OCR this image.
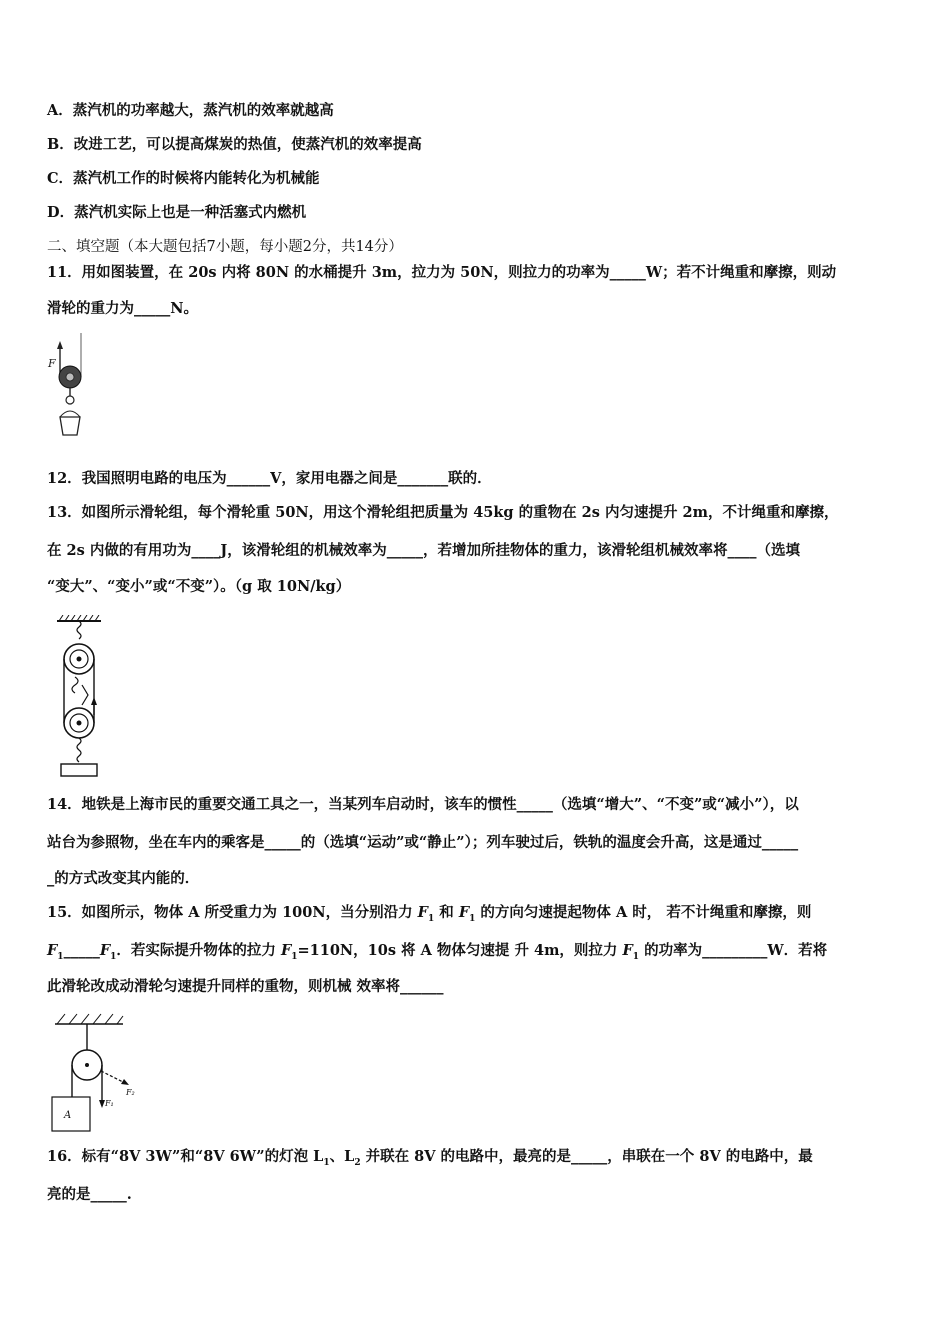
A．蒸汽机的功率越大，蒸汽机的效率就越高
B．改进工艺，可以提高煤炭的热值，使蒸汽机的效率提高
C．蒸汽机工作的时候将内能转化为机械能
D．蒸汽机实际上也是一种活塞式内燃机
二、填空题（本大题包括7小题，每小题2分，共14分）
11．用如图装置，在 20s 内将 80N 的水桶提升 3m，拉力为 50N，则拉力的功率为_____W；若不计绳重和摩擦，则动
滑轮的重力为_____N。
F
12．我国照明电路的电压为______V，家用电器之间是_______联的．
13．如图所示滑轮组，每个滑轮重 50N，用这个滑轮组把质量为 45kg 的重物在 2s 内匀速提升 2m，不计绳重和摩擦，
在 2s 内做的有用功为____J，该滑轮组的机械效率为_____，若增加所挂物体的重力，该滑轮组机械效率将____（选填
“变大”、“变小”或“不变”）。（g 取 10N/kg）
14．地铁是上海市民的重要交通工具之一，当某列车启动时，该车的惯性_____（选填“增大”、“不变”或“减小”），以
站台为参照物，坐在车内的乘客是_____的（选填“运动”或“静止”）；列车驶过后，铁轨的温度会升高，这是通过_____
_的方式改变其内能的．
15．如图所示，物体 A 所受重力为 100N，当分别沿力 $F_1$ 和 $F_1$ 的方向匀速提起物体 A 时， 若不计绳重和摩擦，则
$F_1\_\_\_\_\_F_1$．若实际提升物体的拉力 $F_1=110N$，10s 将 A 物体匀速提 升 4m，则拉力 $F_1$ 的功率为_________W．若将
此滑轮改成动滑轮匀速提升同样的重物，则机械 效率将______
A
F₁
F₂
16．标有“8V 3W”和“8V 6W”的灯泡 $L_1$、$L_2$ 并联在 8V 的电路中，最亮的是_____，串联在一个 8V 的电路中，最
亮的是_____.
